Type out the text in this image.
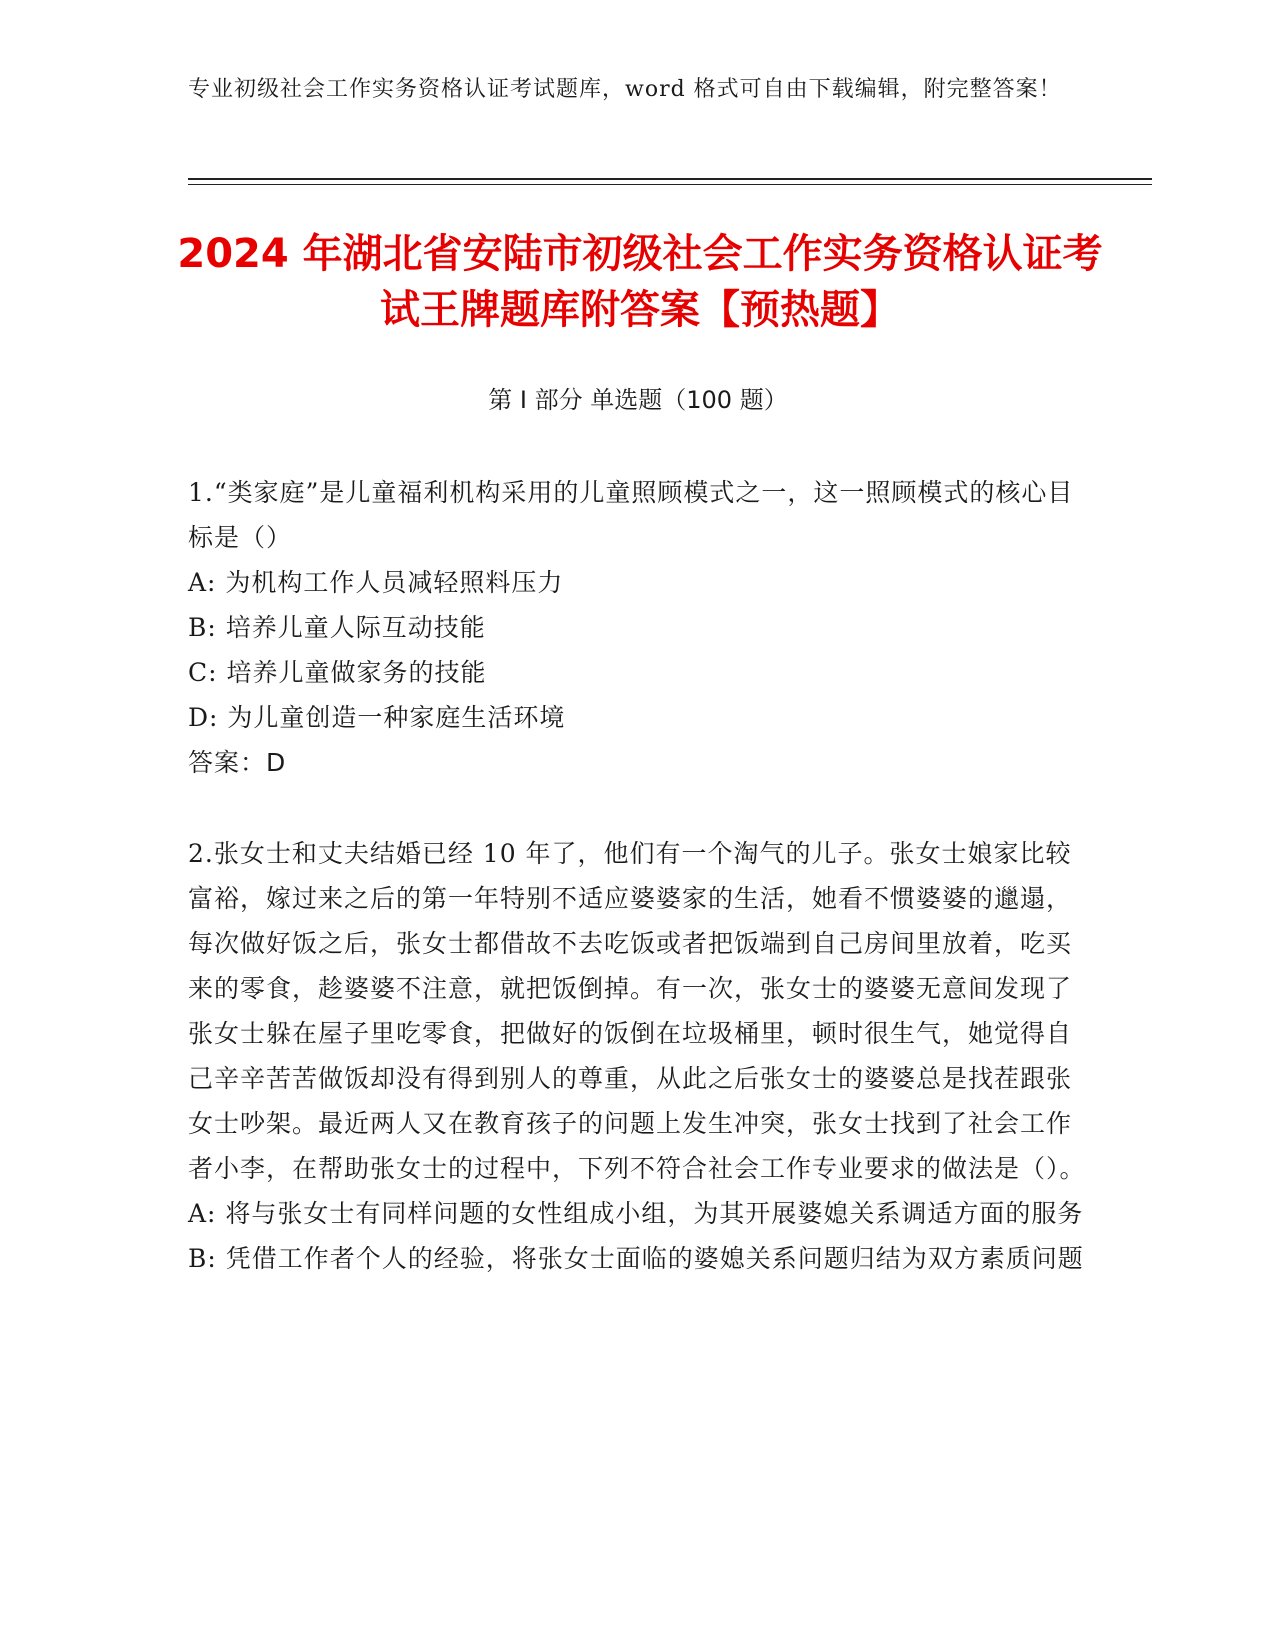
专业初级社会工作实务资格认证考试题库，word 格式可自由下载编辑，附完整答案！
2024 年湖北省安陆市初级社会工作实务资格认证考试王牌题库附答案【预热题】
第 I 部分 单选题（100 题）

1.“类家庭”是儿童福利机构采用的儿童照顾模式之一，这一照顾模式的核心目标是（）

A: 为机构工作人员减轻照料压力

B: 培养儿童人际互动技能

C: 培养儿童做家务的技能

D: 为儿童创造一种家庭生活环境

答案：D

2.张女士和丈夫结婚已经 10 年了，他们有一个淘气的儿子。张女士娘家比较富裕，嫁过来之后的第一年特别不适应婆婆家的生活，她看不惯婆婆的邋遢，每次做好饭之后，张女士都借故不去吃饭或者把饭端到自己房间里放着，吃买来的零食，趁婆婆不注意，就把饭倒掉。有一次，张女士的婆婆无意间发现了张女士躲在屋子里吃零食，把做好的饭倒在垃圾桶里，顿时很生气，她觉得自己辛辛苦苦做饭却没有得到别人的尊重，从此之后张女士的婆婆总是找茬跟张女士吵架。最近两人又在教育孩子的问题上发生冲突，张女士找到了社会工作者小李，在帮助张女士的过程中，下列不符合社会工作专业要求的做法是（）。

A: 将与张女士有同样问题的女性组成小组，为其开展婆媳关系调适方面的服务

B: 凭借工作者个人的经验，将张女士面临的婆媳关系问题归结为双方素质问题
